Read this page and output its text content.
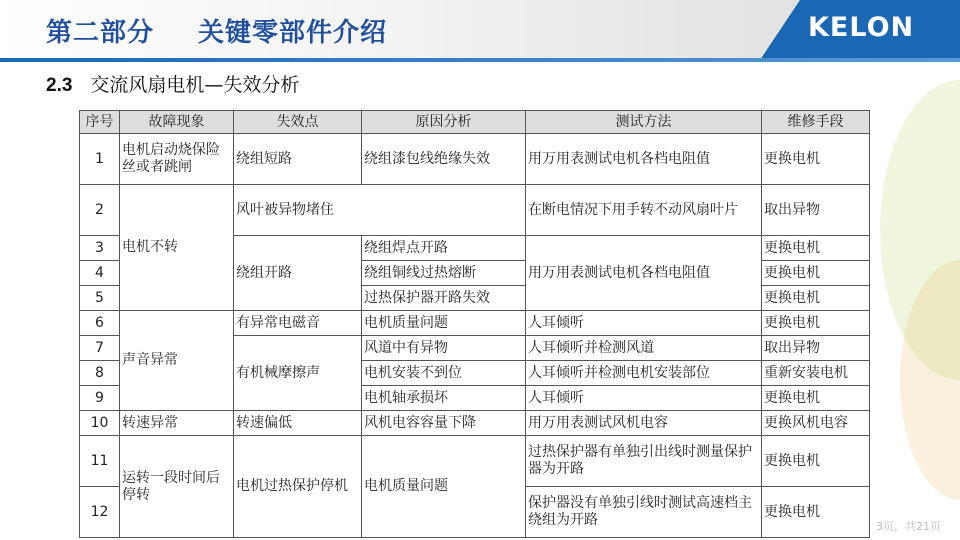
第二部分 关键零部件介绍	KELON
2.3 交流风扇电机—失效分析
序号	故障现象	失效点	原因分析	测试方法	维修手段
1	电机启动烧保险丝或者跳闸	绕组短路	绕组漆包线绝缘失效	用万用表测试电机各档电阻值	更换电机
2	电机不转	风叶被异物堵住		在断电情况下用手转不动风扇叶片	取出异物
3		绕组开路	绕组焊点开路	用万用表测试电机各档电阻值	更换电机
4			绕组铜线过热熔断		更换电机
5			过热保护器开路失效		更换电机
6	声音异常	有异常电磁音	电机质量问题	人耳倾听	更换电机
7		有机械摩擦声	风道中有异物	人耳倾听并检测风道	取出异物
8			电机安装不到位	人耳倾听并检测电机安装部位	重新安装电机
9			电机轴承损坏	人耳倾听	更换电机
10	转速异常	转速偏低	风机电容容量下降	用万用表测试风机电容	更换风机电容
11	运转一段时间后停转	电机过热保护停机	电机质量问题	过热保护器有单独引出线时测量保护器为开路	更换电机
12				保护器没有单独引线时测试高速档主绕组为开路	更换电机
3页，共21页
